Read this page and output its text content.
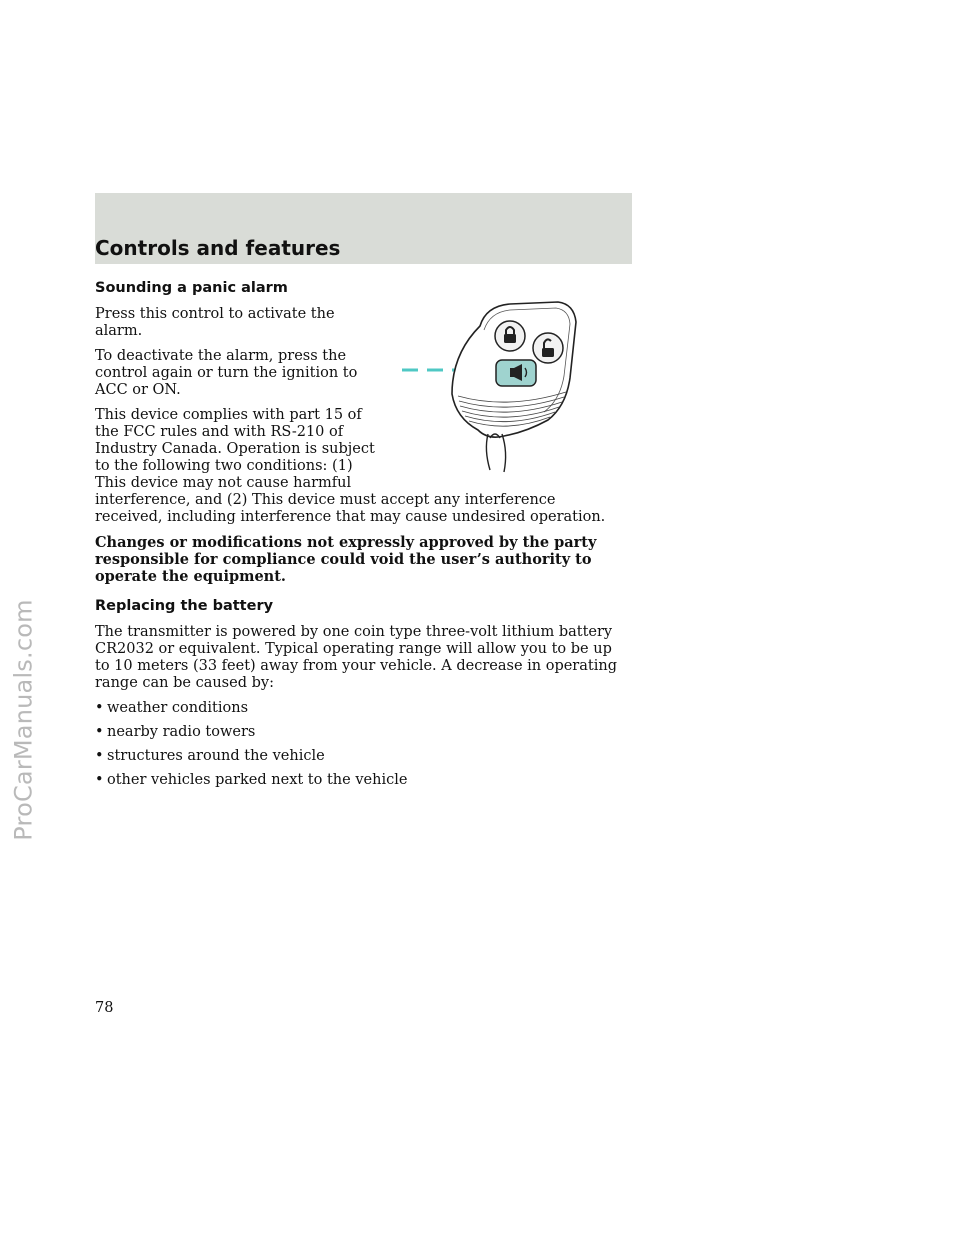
ProCarManuals.com
Controls and features
Sounding a panic alarm

Press this control to activate the alarm.

To deactivate the alarm, press the control again or turn the ignition to ACC or ON.

This device complies with part 15 of the FCC rules and with RS-210 of Industry Canada. Operation is subject to the following two conditions: (1) This device may not cause harmful interference, and (2) This device must accept any interference received, including interference that may cause undesired operation.

Changes or modifications not expressly approved by the party responsible for compliance could void the user’s authority to operate the equipment.

Replacing the battery

The transmitter is powered by one coin type three-volt lithium battery CR2032 or equivalent. Typical operating range will allow you to be up to 10 meters (33 feet) away from your vehicle. A decrease in operating range can be caused by:

• weather conditions
• nearby radio towers
• structures around the vehicle
• other vehicles parked next to the vehicle
78
